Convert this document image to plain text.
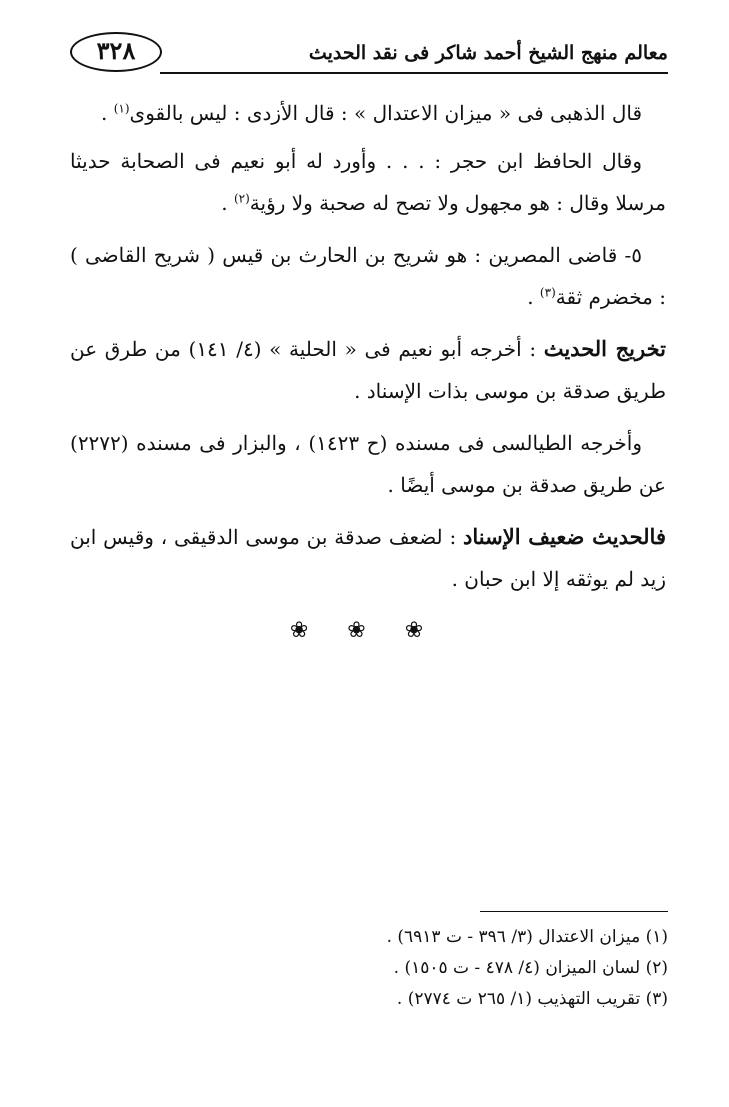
٣٢٨	معالم منهج الشيخ أحمد شاكر فى نقد الحديث

قال الذهبى فى « ميزان الاعتدال » : قال الأزدى : ليس بالقوى$^{(١)}$ .

وقال الحافظ ابن حجر : . . . وأورد له أبو نعيم فى الصحابة حديثا مرسلا وقال : هو مجهول ولا تصح له صحبة ولا رؤية$^{(٢)}$ .

٥- قاضى المصرين : هو شريح بن الحارث بن قيس ( شريح القاضى ) : مخضرم ثقة$^{(٣)}$ .

تخريج الحديث : أخرجه أبو نعيم فى « الحلية » (٤/ ١٤١) من طرق عن طريق صدقة بن موسى بذات الإسناد .

وأخرجه الطيالسى فى مسنده (ح ١٤٢٣) ، والبزار فى مسنده (٢٢٧٢) عن طريق صدقة بن موسى أيضًا .

فالحديث ضعيف الإسناد : لضعف صدقة بن موسى الدقيقى ، وقيس ابن زيد لم يوثقه إلا ابن حبان .

❀ ❀ ❀

(١) ميزان الاعتدال (٣/ ٣٩٦ - ت ٦٩١٣) .

(٢) لسان الميزان (٤/ ٤٧٨ - ت ١٥٠٥) .

(٣) تقريب التهذيب (١/ ٢٦٥ ت ٢٧٧٤) .
